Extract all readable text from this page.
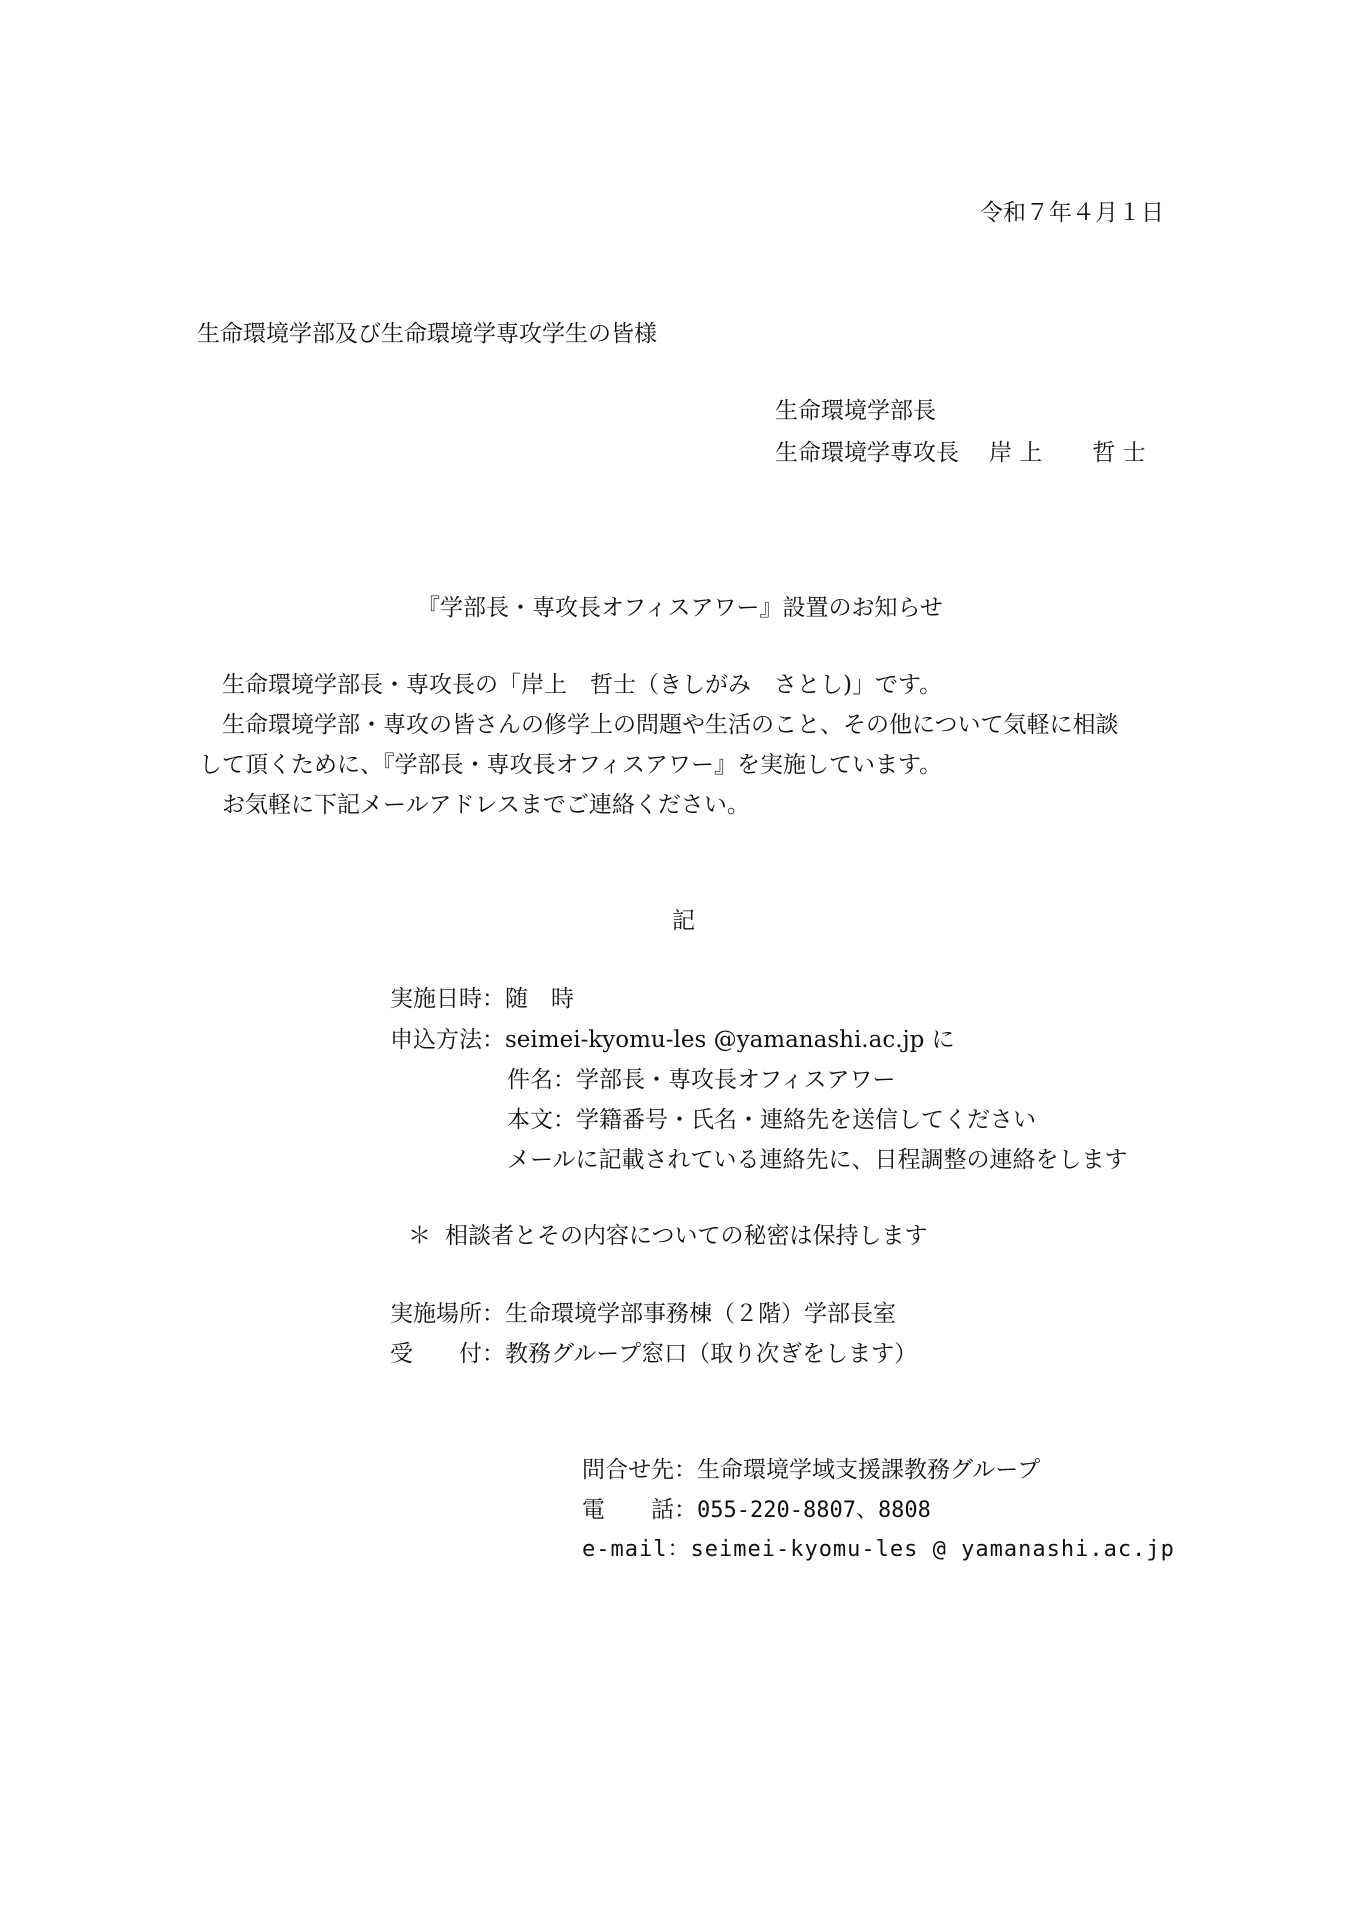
令和７年４月１日
生命環境学部及び生命環境学専攻学生の皆様
生命環境学部長
生命環境学専攻長 岸 上 哲 士
『学部長・専攻長オフィスアワー』設置のお知らせ
生命環境学部長・専攻長の「岸上　哲士（きしがみ　さとし)」です。
生命環境学部・専攻の皆さんの修学上の問題や生活のこと、その他について気軽に相談
して頂くために、『学部長・専攻長オフィスアワー』を実施しています。
お気軽に下記メールアドレスまでご連絡ください。
記
実施日時：随　時
申込方法：seimei-kyomu-les @yamanashi.ac.jp に
件名：学部長・専攻長オフィスアワー
本文：学籍番号・氏名・連絡先を送信してください
メールに記載されている連絡先に、日程調整の連絡をします
＊ 相談者とその内容についての秘密は保持します
実施場所：生命環境学部事務棟（２階）学部長室
受　　付：教務グループ窓口（取り次ぎをします）
問合せ先：生命環境学域支援課教務グループ
電　　話：055-220-8807、8808
e-mail：seimei-kyomu-les @ yamanashi.ac.jp
